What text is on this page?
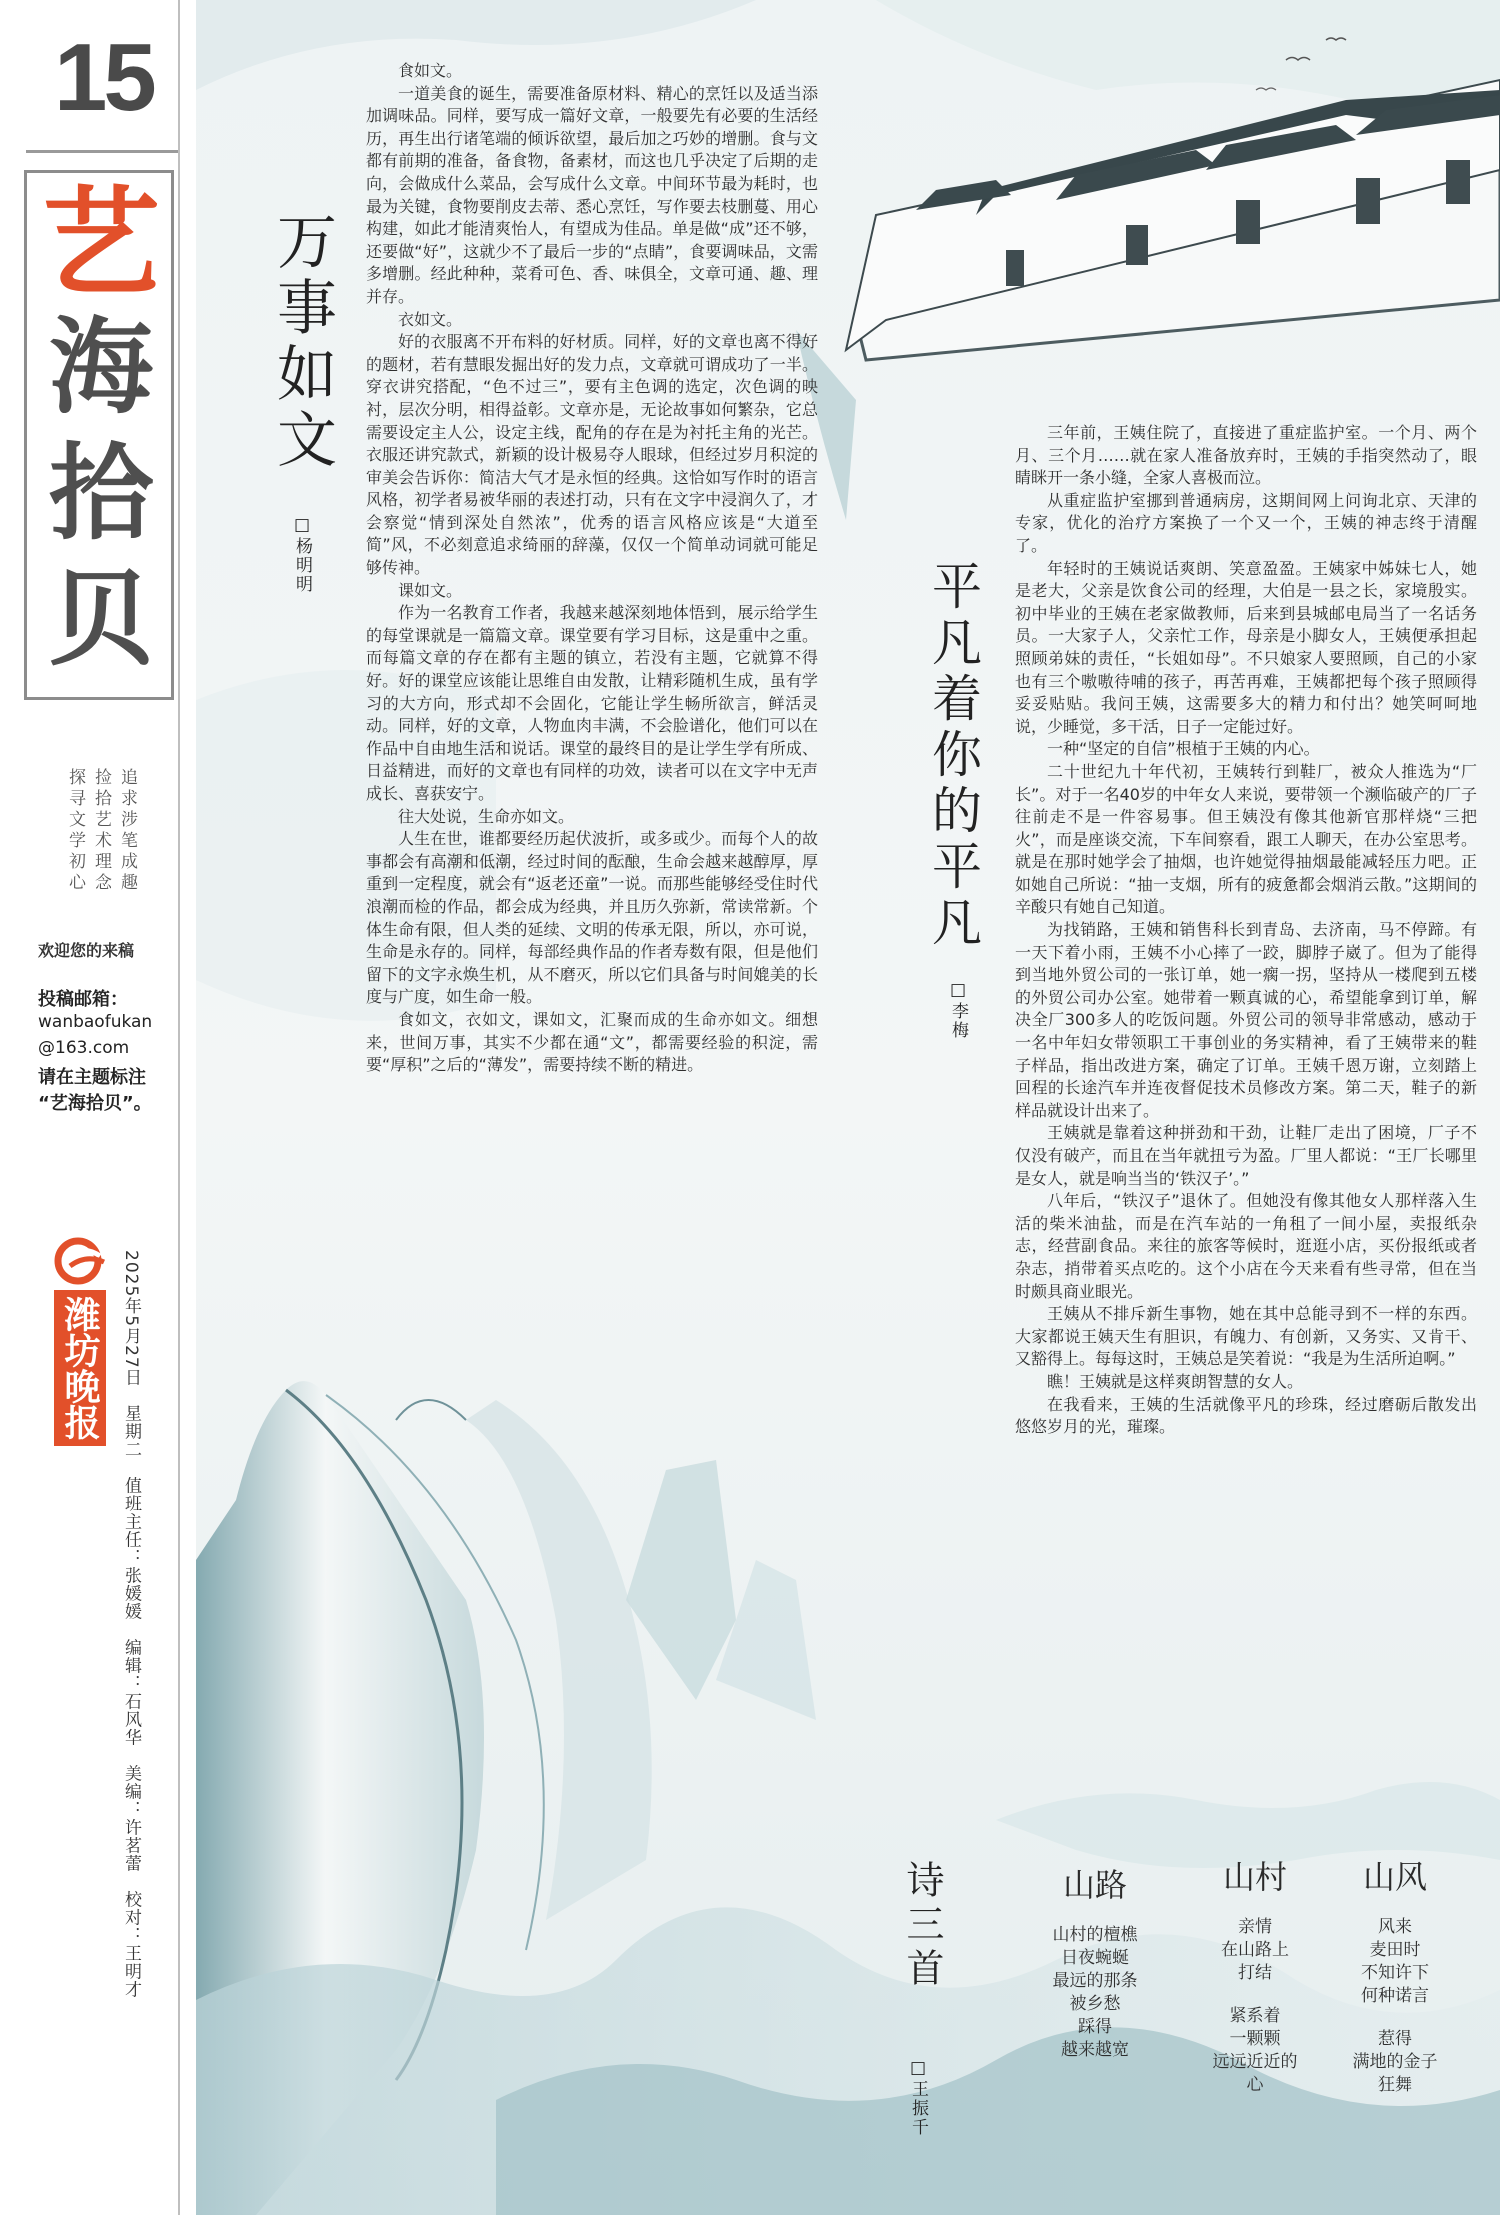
15
艺
海
拾
贝
追求涉笔成趣
捡拾艺术理念
探寻文学初心
欢迎您的来稿
投稿邮箱：
wanbaofukan
@163.com
请在主题标注
“艺海拾贝”。
潍坊晚报 2025年5月27日　星期二　值班主任：张媛媛　编辑：石风华　美编：许茗蕾　校对：王明才
万事如文
□杨明明

食如文。

一道美食的诞生，需要准备原材料、精心的烹饪以及适当添加调味品。同样，要写成一篇好文章，一般要先有必要的生活经历，再生出行诸笔端的倾诉欲望，最后加之巧妙的增删。食与文都有前期的准备，备食物，备素材，而这也几乎决定了后期的走向，会做成什么菜品，会写成什么文章。中间环节最为耗时，也最为关键，食物要削皮去蒂、悉心烹饪，写作要去枝删蔓、用心构建，如此才能清爽怡人，有望成为佳品。单是做“成”还不够，还要做“好”，这就少不了最后一步的“点睛”，食要调味品，文需多增删。经此种种，菜肴可色、香、味俱全，文章可通、趣、理并存。

衣如文。

好的衣服离不开布料的好材质。同样，好的文章也离不得好的题材，若有慧眼发掘出好的发力点，文章就可谓成功了一半。穿衣讲究搭配，“色不过三”，要有主色调的选定，次色调的映衬，层次分明，相得益彰。文章亦是，无论故事如何繁杂，它总需要设定主人公，设定主线，配角的存在是为衬托主角的光芒。衣服还讲究款式，新颖的设计极易夺人眼球，但经过岁月积淀的审美会告诉你：简洁大气才是永恒的经典。这恰如写作时的语言风格，初学者易被华丽的表述打动，只有在文字中浸润久了，才会察觉“情到深处自然浓”，优秀的语言风格应该是“大道至简”风，不必刻意追求绮丽的辞藻，仅仅一个简单动词就可能足够传神。

课如文。

作为一名教育工作者，我越来越深刻地体悟到，展示给学生的每堂课就是一篇篇文章。课堂要有学习目标，这是重中之重。而每篇文章的存在都有主题的镇立，若没有主题，它就算不得好。好的课堂应该能让思维自由发散，让精彩随机生成，虽有学习的大方向，形式却不会固化，它能让学生畅所欲言，鲜活灵动。同样，好的文章，人物血肉丰满，不会脸谱化，他们可以在作品中自由地生活和说话。课堂的最终目的是让学生学有所成、日益精进，而好的文章也有同样的功效，读者可以在文字中无声成长、喜获安宁。

往大处说，生命亦如文。

人生在世，谁都要经历起伏波折，或多或少。而每个人的故事都会有高潮和低潮，经过时间的酝酿，生命会越来越醇厚，厚重到一定程度，就会有“返老还童”一说。而那些能够经受住时代浪潮而检的作品，都会成为经典，并且历久弥新，常读常新。个体生命有限，但人类的延续、文明的传承无限，所以，亦可说，生命是永存的。同样，每部经典作品的作者寿数有限，但是他们留下的文字永焕生机，从不磨灭，所以它们具备与时间媲美的长度与广度，如生命一般。

食如文，衣如文，课如文，汇聚而成的生命亦如文。细想来，世间万事，其实不少都在通“文”，都需要经验的积淀，需要“厚积”之后的“薄发”，需要持续不断的精进。

平凡着你的平凡
□李梅

三年前，王姨住院了，直接进了重症监护室。一个月、两个月、三个月……就在家人准备放弃时，王姨的手指突然动了，眼睛眯开一条小缝，全家人喜极而泣。

从重症监护室挪到普通病房，这期间网上问询北京、天津的专家，优化的治疗方案换了一个又一个，王姨的神志终于清醒了。

年轻时的王姨说话爽朗、笑意盈盈。王姨家中姊妹七人，她是老大，父亲是饮食公司的经理，大伯是一县之长，家境殷实。初中毕业的王姨在老家做教师，后来到县城邮电局当了一名话务员。一大家子人，父亲忙工作，母亲是小脚女人，王姨便承担起照顾弟妹的责任，“长姐如母”。不只娘家人要照顾，自己的小家也有三个嗷嗷待哺的孩子，再苦再难，王姨都把每个孩子照顾得妥妥贴贴。我问王姨，这需要多大的精力和付出？她笑呵呵地说，少睡觉，多干活，日子一定能过好。

一种“坚定的自信”根植于王姨的内心。

二十世纪九十年代初，王姨转行到鞋厂，被众人推选为“厂长”。对于一名40岁的中年女人来说，要带领一个濒临破产的厂子往前走不是一件容易事。但王姨没有像其他新官那样烧“三把火”，而是座谈交流，下车间察看，跟工人聊天，在办公室思考。就是在那时她学会了抽烟，也许她觉得抽烟最能减轻压力吧。正如她自己所说：“抽一支烟，所有的疲惫都会烟消云散。”这期间的辛酸只有她自己知道。

为找销路，王姨和销售科长到青岛、去济南，马不停蹄。有一天下着小雨，王姨不小心摔了一跤，脚脖子崴了。但为了能得到当地外贸公司的一张订单，她一瘸一拐，坚持从一楼爬到五楼的外贸公司办公室。她带着一颗真诚的心，希望能拿到订单，解决全厂300多人的吃饭问题。外贸公司的领导非常感动，感动于一名中年妇女带领职工干事创业的务实精神，看了王姨带来的鞋子样品，指出改进方案，确定了订单。王姨千恩万谢，立刻踏上回程的长途汽车并连夜督促技术员修改方案。第二天，鞋子的新样品就设计出来了。

王姨就是靠着这种拼劲和干劲，让鞋厂走出了困境，厂子不仅没有破产，而且在当年就扭亏为盈。厂里人都说：“王厂长哪里是女人，就是响当当的‘铁汉子’。”

八年后，“铁汉子”退休了。但她没有像其他女人那样落入生活的柴米油盐，而是在汽车站的一角租了一间小屋，卖报纸杂志，经营副食品。来往的旅客等候时，逛逛小店，买份报纸或者杂志，捎带着买点吃的。这个小店在今天来看有些寻常，但在当时颇具商业眼光。

王姨从不排斥新生事物，她在其中总能寻到不一样的东西。大家都说王姨天生有胆识，有魄力、有创新，又务实、又肯干、又豁得上。每每这时，王姨总是笑着说：“我是为生活所迫啊。”

瞧！王姨就是这样爽朗智慧的女人。

在我看来，王姨的生活就像平凡的珍珠，经过磨砺后散发出悠悠岁月的光，璀璨。

诗三首
□王振千
山路
山村的檀樵
日夜蜿蜒
最远的那条
被乡愁
踩得
越来越宽
山村
亲情
在山路上
打结
紧系着
一颗颗
远远近近的
心
山风
风来
麦田时
不知许下
何种诺言
惹得
满地的金子
狂舞
